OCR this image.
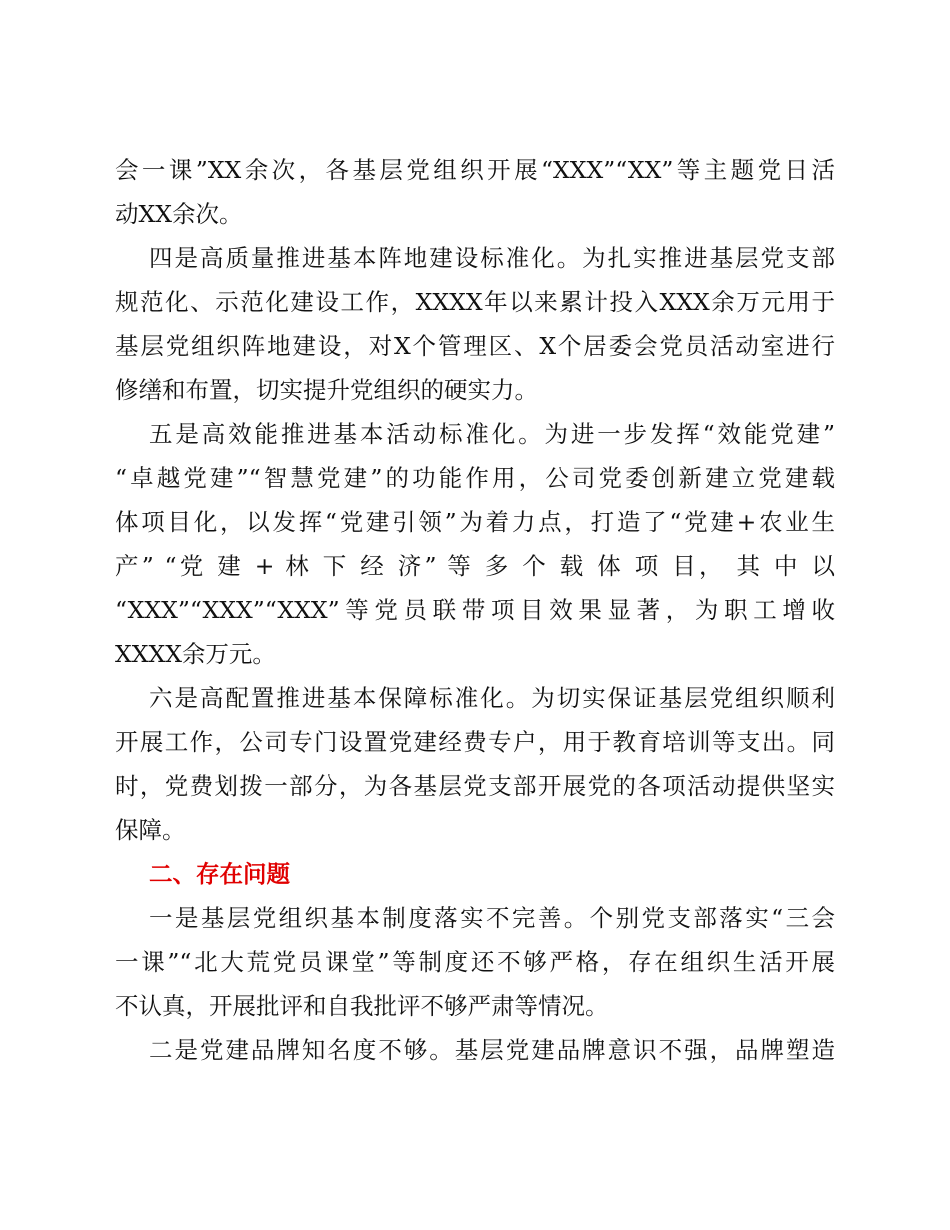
会一课”XX余次，各基层党组织开展“XXX”“XX”等主题党日活
动XX余次。
四是高质量推进基本阵地建设标准化。为扎实推进基层党支部
规范化、示范化建设工作，XXXX年以来累计投入XXX余万元用于
基层党组织阵地建设，对X个管理区、X个居委会党员活动室进行
修缮和布置，切实提升党组织的硬实力。
五是高效能推进基本活动标准化。为进一步发挥“效能党建”
“卓越党建”“智慧党建”的功能作用，公司党委创新建立党建载
体项目化，以发挥“党建引领”为着力点，打造了“党建+农业生
产” “党 建 + 林 下 经 济” 等 多 个 载 体 项 目， 其 中 以
“XXX”“XXX”“XXX”等党员联带项目效果显著，为职工增收
XXXX余万元。
六是高配置推进基本保障标准化。为切实保证基层党组织顺利
开展工作，公司专门设置党建经费专户，用于教育培训等支出。同
时，党费划拨一部分，为各基层党支部开展党的各项活动提供坚实
保障。
二、存在问题
一是基层党组织基本制度落实不完善。个别党支部落实“三会
一课”“北大荒党员课堂”等制度还不够严格，存在组织生活开展
不认真，开展批评和自我批评不够严肃等情况。
二是党建品牌知名度不够。基层党建品牌意识不强，品牌塑造
